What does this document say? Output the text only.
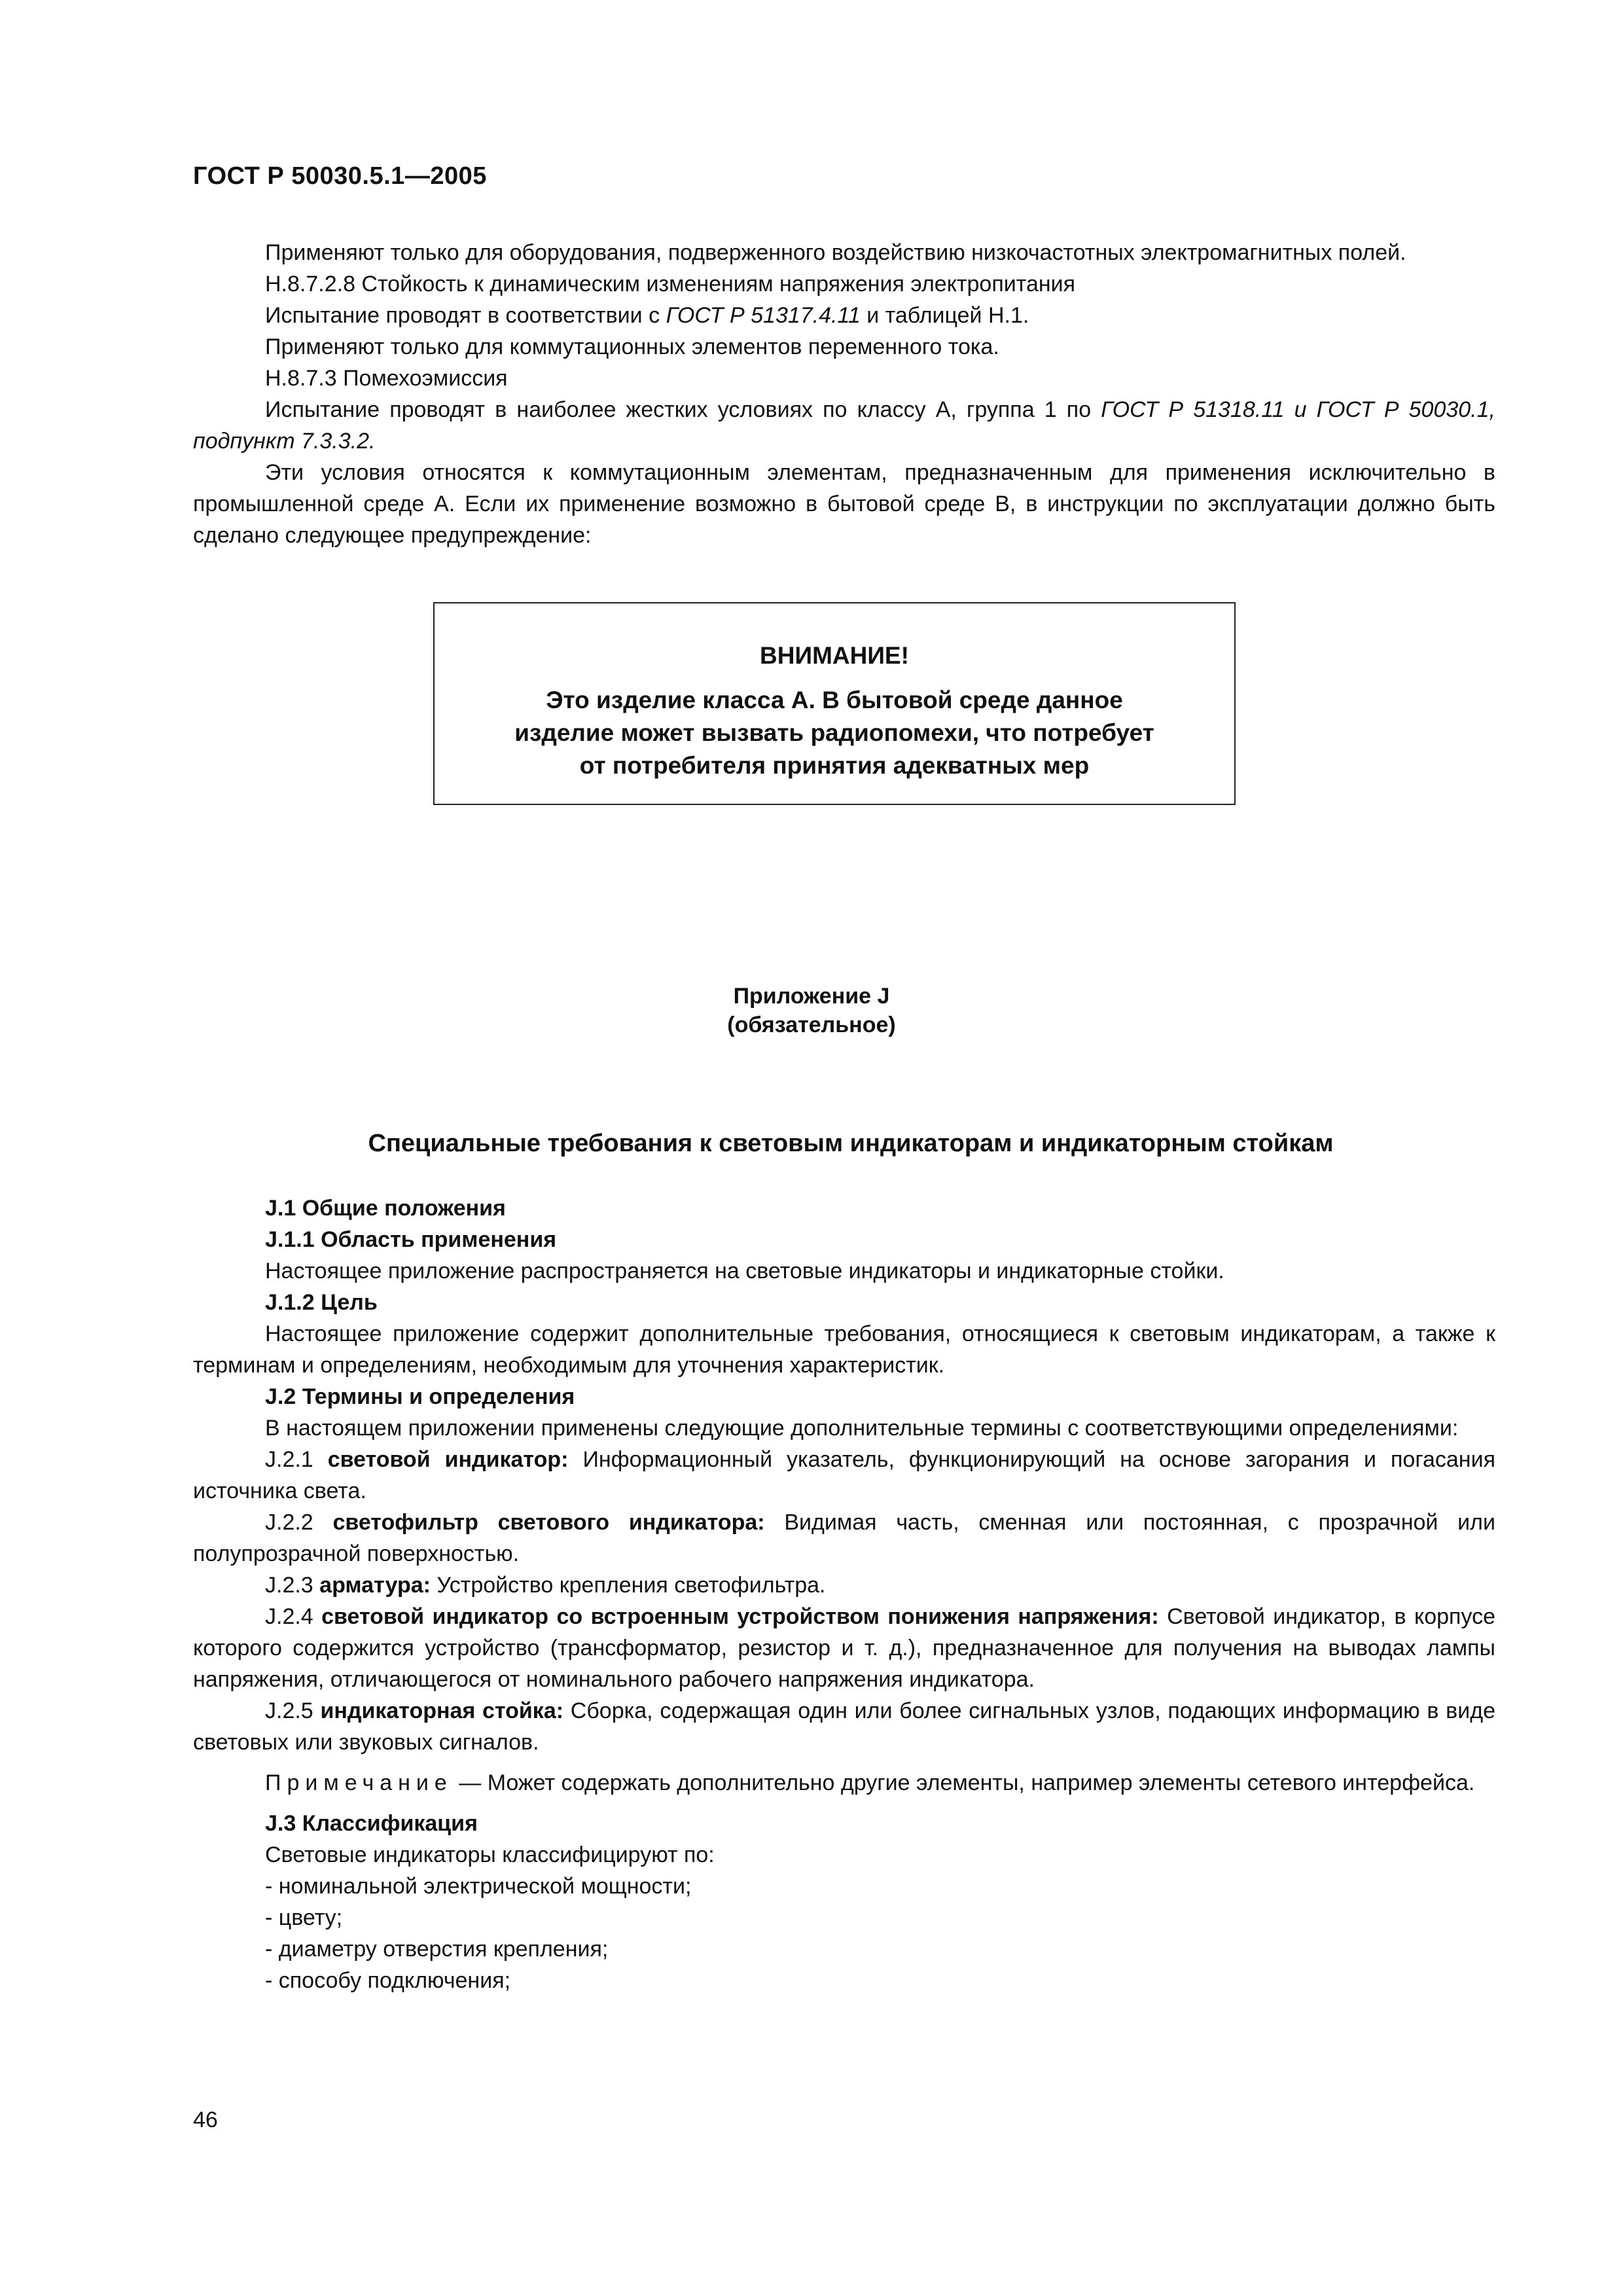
ГОСТ Р 50030.5.1—2005

Применяют только для оборудования, подверженного воздействию низкочастотных электромагнитных полей.

Н.8.7.2.8 Стойкость к динамическим изменениям напряжения электропитания

Испытание проводят в соответствии с ГОСТ Р 51317.4.11 и таблицей Н.1.

Применяют только для коммутационных элементов переменного тока.

Н.8.7.3 Помехоэмиссия

Испытание проводят в наиболее жестких условиях по классу А, группа 1 по ГОСТ Р 51318.11 и ГОСТ Р 50030.1, подпункт 7.3.3.2.

Эти условия относятся к коммутационным элементам, предназначенным для применения исключительно в промышленной среде А. Если их применение возможно в бытовой среде В, в инструкции по эксплуатации должно быть сделано следующее предупреждение:

ВНИМАНИЕ!
Это изделие класса А. В бытовой среде данное
изделие может вызвать радиопомехи, что потребует
от потребителя принятия адекватных мер
Приложение J
(обязательное)
Специальные требования к световым индикаторам и индикаторным стойкам

J.1 Общие положения

J.1.1 Область применения

Настоящее приложение распространяется на световые индикаторы и индикаторные стойки.

J.1.2 Цель

Настоящее приложение содержит дополнительные требования, относящиеся к световым индикаторам, а также к терминам и определениям, необходимым для уточнения характеристик.

J.2 Термины и определения

В настоящем приложении применены следующие дополнительные термины с соответствующими определениями:

J.2.1 световой индикатор: Информационный указатель, функционирующий на основе загорания и погасания источника света.

J.2.2 светофильтр светового индикатора: Видимая часть, сменная или постоянная, с прозрачной или полупрозрачной поверхностью.

J.2.3 арматура: Устройство крепления светофильтра.

J.2.4 световой индикатор со встроенным устройством понижения напряжения: Световой индикатор, в корпусе которого содержится устройство (трансформатор, резистор и т. д.), предназначенное для получения на выводах лампы напряжения, отличающегося от номинального рабочего напряжения индикатора.

J.2.5 индикаторная стойка: Сборка, содержащая один или более сигнальных узлов, подающих информацию в виде световых или звуковых сигналов.

Примечание — Может содержать дополнительно другие элементы, например элементы сетевого интерфейса.

J.3 Классификация

Световые индикаторы классифицируют по:

- номинальной электрической мощности;

- цвету;

- диаметру отверстия крепления;

- способу подключения;

46
